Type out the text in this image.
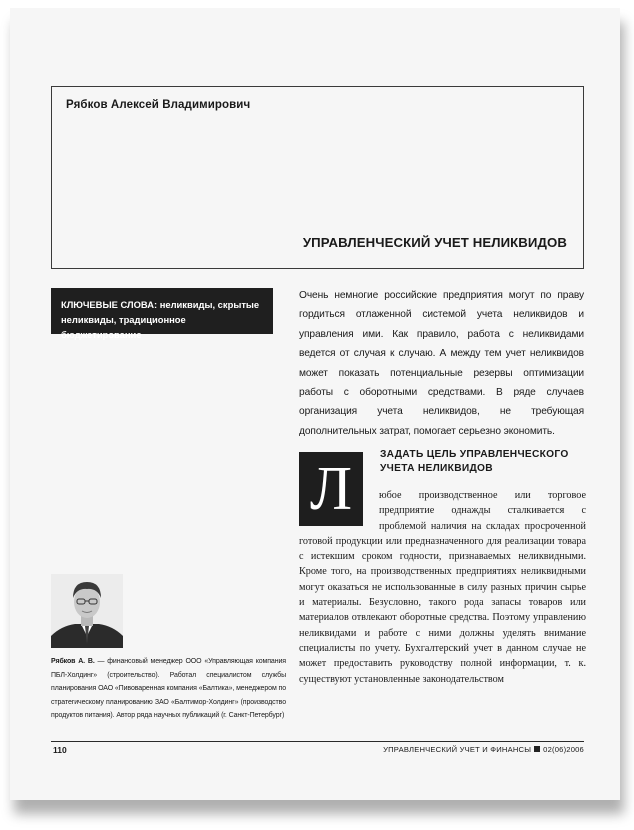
Рябков Алексей Владимирович
УПРАВЛЕНЧЕСКИЙ УЧЕТ НЕЛИКВИДОВ
КЛЮЧЕВЫЕ СЛОВА: неликвиды, скрытые неликвиды, традиционное бюджетирование

Очень немногие российские предприятия могут по праву гордиться отлаженной системой учета неликвидов и управления ими. Как правило, работа с неликвидами ведется от случая к случаю. А между тем учет неликвидов может показать потенциальные резервы оптимизации работы с оборотными средствами. В ряде случаев организация учета неликвидов, не требующая дополнительных затрат, помогает серьезно экономить.

Л
ЗАДАТЬ ЦЕЛЬ УПРАВЛЕНЧЕСКОГО УЧЕТА НЕЛИКВИДОВ

юбое производственное или торговое предприятие однажды сталкивается с проблемой наличия на складах просроченной готовой продукции или предназначенного для реализации товара с истекшим сроком годности, признаваемых неликвидными. Кроме того, на производственных предприятиях неликвидными могут оказаться не использованные в силу разных причин сырье и материалы. Безусловно, такого рода запасы товаров или материалов отвлекают оборотные средства. Поэтому управлению неликвидами и работе с ними должны уделять внимание специалисты по учету. Бухгалтерский учет в данном случае не может предоставить руководству полной информации, т. к. существуют установленные законодательством

Рябков А. В. — финансовый менеджер ООО «Управляющая компания ПБЛ-Холдинг» (строительство). Работал специалистом службы планирования ОАО «Пивоваренная компания «Балтика», менеджером по стратегическому планированию ЗАО «Балтимор-Холдинг» (производство продуктов питания). Автор ряда научных публикаций (г. Санкт-Петербург)

110	УПРАВЛЕНЧЕСКИЙ УЧЕТ И ФИНАНСЫ 02(06)2006
